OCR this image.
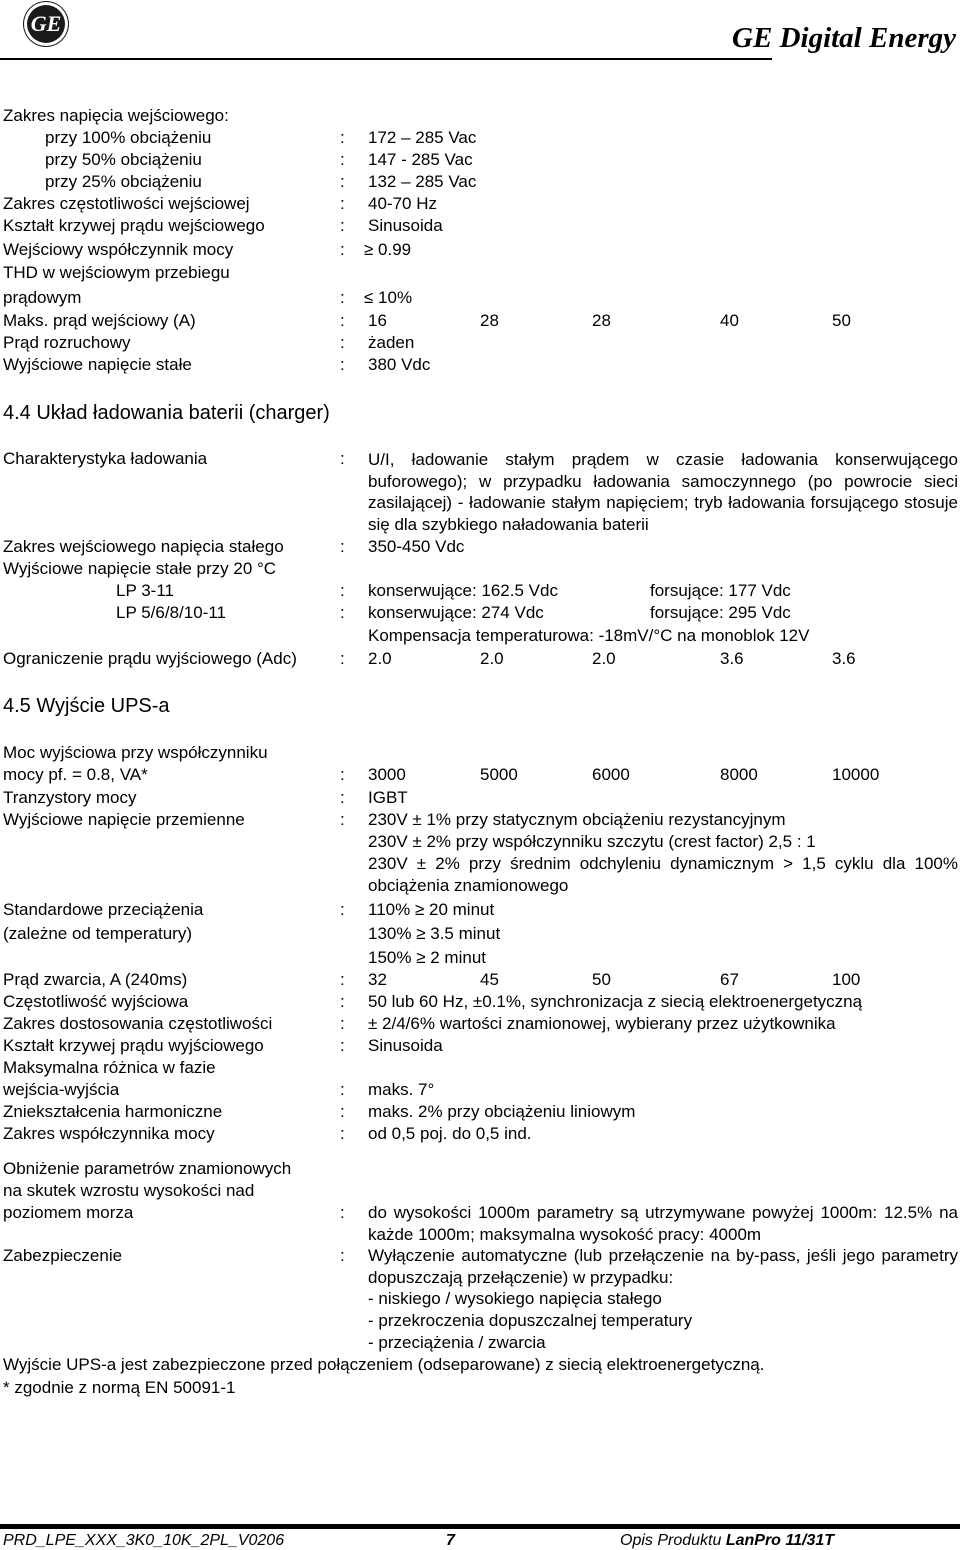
GE	GE Digital Energy
Zakres napięcia wejściowego:
przy 100% obciążeniu	: 172 – 285 Vac
przy 50% obciążeniu	: 147 - 285 Vac
przy 25% obciążeniu	: 132 – 285 Vac
Zakres częstotliwości wejściowej	: 40-70 Hz
Kształt krzywej prądu wejściowego	: Sinusoida
Wejściowy współczynnik mocy	: ≥ 0.99
THD w wejściowym przebiegu
prądowym	: ≤ 10%
Maks. prąd wejściowy (A)	: 16	28	28	40	50
Prąd rozruchowy	: żaden
Wyjściowe napięcie stałe	: 380 Vdc
4.4 Układ ładowania baterii (charger)
Charakterystyka ładowania	: U/I, ładowanie stałym prądem w czasie ładowania konserwującego buforowego); w przypadku ładowania samoczynnego (po powrocie sieci zasilającej) - ładowanie stałym napięciem; tryb ładowania forsującego stosuje się dla szybkiego naładowania baterii
Zakres wejściowego napięcia stałego	: 350-450 Vdc
Wyjściowe napięcie stałe przy 20 °C
LP 3-11	: konserwujące: 162.5 Vdc	forsujące: 177 Vdc
LP 5/6/8/10-11	: konserwujące: 274 Vdc	forsujące: 295 Vdc
Kompensacja temperaturowa: -18mV/°C na monoblok 12V
Ograniczenie prądu wyjściowego (Adc)	: 2.0	2.0	2.0	3.6	3.6
4.5 Wyjście UPS-a
Moc wyjściowa przy współczynniku
mocy pf. = 0.8, VA*	: 3000	5000	6000	8000	10000
Tranzystory mocy	: IGBT
Wyjściowe napięcie przemienne	: 230V ± 1% przy statycznym obciążeniu rezystancyjnym
230V ± 2% przy współczynniku szczytu (crest factor) 2,5 : 1
230V ± 2% przy średnim odchyleniu dynamicznym > 1,5 cyklu dla 100% obciążenia znamionowego
Standardowe przeciążenia	: 110% ≥ 20 minut
(zależne od temperatury)	130% ≥ 3.5 minut
150% ≥ 2 minut
Prąd zwarcia, A (240ms)	: 32	45	50	67	100
Częstotliwość wyjściowa	: 50 lub 60 Hz, ±0.1%, synchronizacja z siecią elektroenergetyczną
Zakres dostosowania częstotliwości	: ± 2/4/6% wartości znamionowej, wybierany przez użytkownika
Kształt krzywej prądu wyjściowego	: Sinusoida
Maksymalna różnica w fazie
wejścia-wyjścia	: maks. 7°
Zniekształcenia harmoniczne	: maks. 2% przy obciążeniu liniowym
Zakres współczynnika mocy	: od 0,5 poj. do 0,5 ind.
Obniżenie parametrów znamionowych
na skutek wzrostu wysokości nad
poziomem morza	: do wysokości 1000m parametry są utrzymywane powyżej 1000m: 12.5% na każde 1000m; maksymalna wysokość pracy: 4000m
Zabezpieczenie	: Wyłączenie automatyczne (lub przełączenie na by-pass, jeśli jego parametry dopuszczają przełączenie) w przypadku:
- niskiego / wysokiego napięcia stałego
- przekroczenia dopuszczalnej temperatury
- przeciążenia / zwarcia
Wyjście UPS-a jest zabezpieczone przed połączeniem (odseparowane) z siecią elektroenergetyczną.
* zgodnie z normą EN 50091-1
PRD_LPE_XXX_3K0_10K_2PL_V0206	7	Opis Produktu LanPro 11/31T
